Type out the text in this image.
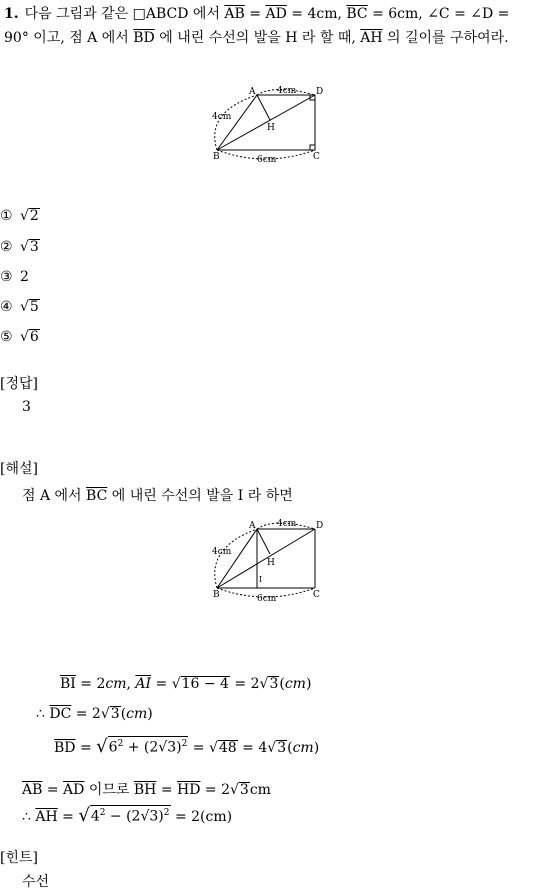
1. 다음 그림과 같은 □ABCD 에서 $\overline{AB} = \overline{AD} = 4cm$, $\overline{BC} = 6cm$, ∠C = ∠D = 90° 이고, 점 A 에서 $\overline{BD}$ 에 내린 수선의 발을 H 라 할 때, $\overline{AH}$ 의 길이를 구하여라.
A	D
B	C
H
4cm
4cm
6cm
① √2
② √3
③ 2
④ √5
⑤ √6
[정답]
3
[해설]
점 A 에서 $\overline{BC}$ 에 내린 수선의 발을 I 라 하면
A	D
B	C
H
I
4cm
4cm
6cm
$\overline{BI} = 2cm$, $\overline{AI} = √16 - 4 = 2√3(cm)$
∴ $\overline{DC} = 2√3(cm)$
$\overline{BD} = √6^2 + (2√3)^2 = √48 = 4√3(cm)$
$\overline{AB} = \overline{AD}$ 이므로 $\overline{BH} = \overline{HD} = 2√3cm$
∴ $\overline{AH} = √4^2 - (2√3)^2 = 2(cm)$
[힌트]
수선
